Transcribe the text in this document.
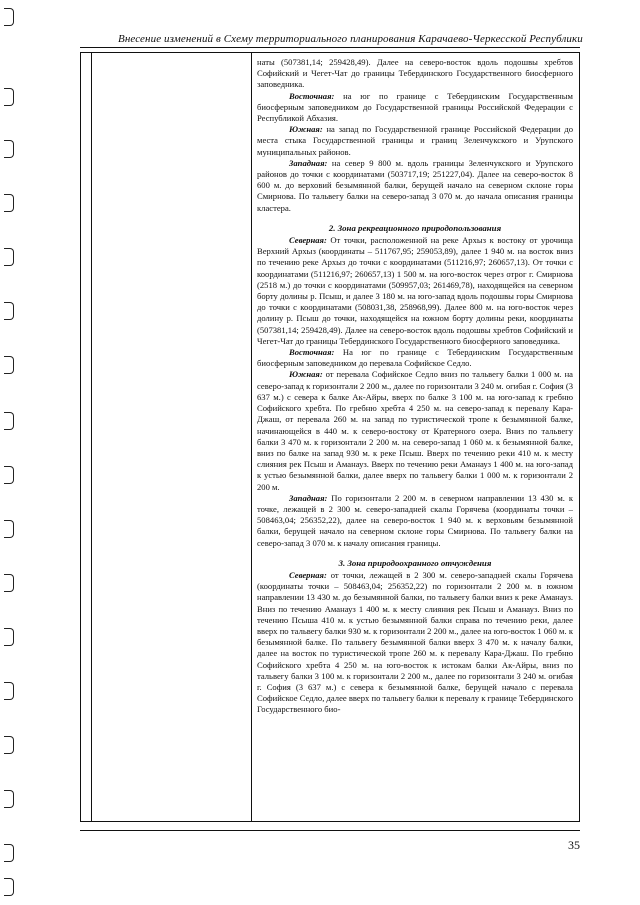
Внесение изменений в Схему территориального планирования Карачаево-Черкесской Республики

наты (507381,14; 259428,49). Далее на северо-восток вдоль подошвы хребтов Софийский и Чегет-Чат до границы Тебердинского Государственного биосферного заповедника.

Восточная: на юг по границе с Тебердинским Государственным биосферным заповедником до Государственной границы Российской Федерации с Республикой Абхазия.

Южная: на запад по Государственной границе Российской Федерации до места стыка Государственной границы и границ Зеленчукского и Урупского муниципальных районов.

Западная: на север 9 800 м. вдоль границы Зеленчукского и Урупского районов до точки с координатами (503717,19; 251227,04). Далее на северо-восток 8 600 м. до верховий безымянной балки, берущей начало на северном склоне горы Смирнова. По тальвегу балки на северо-запад 3 070 м. до начала описания границы кластера.

2. Зона рекреационного природопользования

Северная: От точки, расположенной на реке Архыз к востоку от урочища Верхний Архыз (координаты – 511767,95; 259053,89), далее 1 940 м. на восток вниз по течению реке Архыз до точки с координатами (511216,97; 260657,13). От точки с координатами (511216,97; 260657,13) 1 500 м. на юго-восток через отрог г. Смирнова (2518 м.) до точки с координатами (509957,03; 261469,78), находящейся на северном борту долины р. Псыш, и далее 3 180 м. на юго-запад вдоль подошвы горы Смирнова до точки с координатами (508031,38, 258968,99). Далее 800 м. на юго-восток через долину р. Псыш до точки, находящейся на южном борту долины реки, координаты (507381,14; 259428,49). Далее на северо-восток вдоль подошвы хребтов Софийский и Чегет-Чат до границы Тебердинского Государственного биосферного заповедника.

Восточная: На юг по границе с Тебердинским Государственным биосферным заповедником до перевала Софийское Седло.

Южная: от перевала Софийское Седло вниз по тальвегу балки 1 000 м. на северо-запад к горизонтали 2 200 м., далее по горизонтали 3 240 м. огибая г. София (3 637 м.) с севера к балке Ак-Айры, вверх по балке 3 100 м. на юго-запад к гребню Софийского хребта. По гребню хребта 4 250 м. на северо-запад к перевалу Кара-Джаш, от перевала 260 м. на запад по туристической тропе к безымянной балке, начинающейся в 440 м. к северо-востоку от Кратерного озера. Вниз по тальвегу балки 3 470 м. к горизонтали 2 200 м. на северо-запад 1 060 м. к безымянной балке, вниз по балке на запад 930 м. к реке Псыш. Вверх по течению реки 410 м. к месту слияния рек Псыш и Аманауз. Вверх по течению реки Аманауз 1 400 м. на юго-запад к устью безымянной балки, далее вверх по тальвегу балки 1 000 м. к горизонтали 2 200 м.

Западная: По горизонтали 2 200 м. в северном направлении 13 430 м. к точке, лежащей в 2 300 м. северо-западней скалы Горячева (координаты точки – 508463,04; 256352,22), далее на северо-восток 1 940 м. к верховьям безымянной балки, берущей начало на северном склоне горы Смирнова. По тальвегу балки на северо-запад 3 070 м. к началу описания границы.

3. Зона природоохранного отчуждения

Северная: от точки, лежащей в 2 300 м. северо-западней скалы Горячева (координаты точки – 508463,04; 256352,22) по горизонтали 2 200 м. в южном направлении 13 430 м. до безымянной балки, по тальвегу балки вниз к реке Аманауз. Вниз по течению Аманауз 1 400 м. к месту слияния рек Псыш и Аманауз. Вниз по течению Псыша 410 м. к устью безымянной балки справа по течению реки, далее вверх по тальвегу балки 930 м. к горизонтали 2 200 м., далее на юго-восток 1 060 м. к безымянной балке. По тальвегу безымянной балки вверх 3 470 м. к началу балки, далее на восток по туристической тропе 260 м. к перевалу Кара-Джаш. По гребню Софийского хребта 4 250 м. на юго-восток к истокам балки Ак-Айры, вниз по тальвегу балки 3 100 м. к горизонтали 2 200 м., далее по горизонтали 3 240 м. огибая г. София (3 637 м.) с севера к безымянной балке, берущей начало с перевала Софийское Седло, далее вверх по тальвегу балки к перевалу к границе Тебердинского Государственного био-

35
